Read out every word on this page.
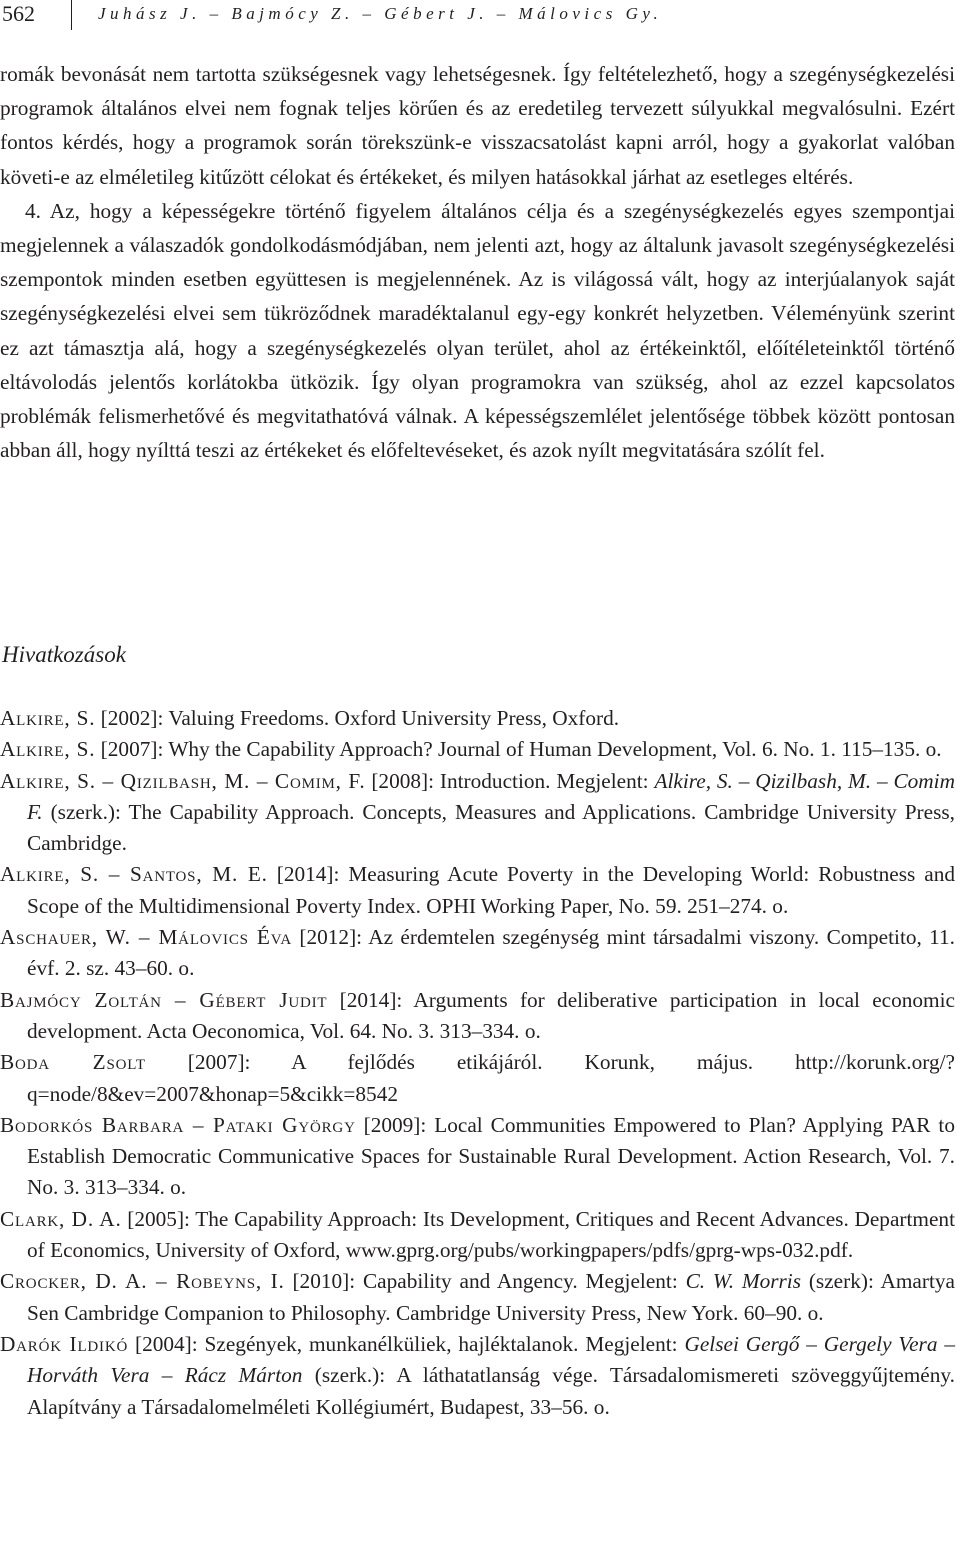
562	Juhász J. – Bajmócy Z. – Gébert J. – Málovics Gy.

romák bevonását nem tartotta szükségesnek vagy lehetségesnek. Így feltételezhető, hogy a szegénységkezelési programok általános elvei nem fognak teljes körűen és az eredetileg tervezett súlyukkal megvalósulni. Ezért fontos kérdés, hogy a programok során törekszünk-e visszacsatolást kapni arról, hogy a gyakorlat valóban követi-e az elméletileg kitűzött célokat és értékeket, és milyen hatásokkal járhat az esetleges eltérés.

4. Az, hogy a képességekre történő figyelem általános célja és a szegénységkezelés egyes szempontjai megjelennek a válaszadók gondolkodásmódjában, nem jelenti azt, hogy az általunk javasolt szegénységkezelési szempontok minden esetben együttesen is megjelennének. Az is világossá vált, hogy az interjúalanyok saját szegénységkezelési elvei sem tükröződnek maradéktalanul egy-egy konkrét helyzetben. Véleményünk szerint ez azt támasztja alá, hogy a szegénységkezelés olyan terület, ahol az értékeinktől, előítéleteinktől történő eltávolodás jelentős korlátokba ütközik. Így olyan programokra van szükség, ahol az ezzel kapcsolatos problémák felismerhetővé és megvitathatóvá válnak. A képességszemlélet jelentősége többek között pontosan abban áll, hogy nyílttá teszi az értékeket és előfeltevéseket, és azok nyílt megvitatására szólít fel.

Hivatkozások
Alkire, S. [2002]: Valuing Freedoms. Oxford University Press, Oxford.
Alkire, S. [2007]: Why the Capability Approach? Journal of Human Development, Vol. 6. No. 1. 115–135. o.
Alkire, S. – Qizilbash, M. – Comim, F. [2008]: Introduction. Megjelent: Alkire, S. – Qizilbash, M. – Comim F. (szerk.): The Capability Approach. Concepts, Measures and Applications. Cambridge University Press, Cambridge.
Alkire, S. – Santos, M. E. [2014]: Measuring Acute Poverty in the Developing World: Robustness and Scope of the Multidimensional Poverty Index. OPHI Working Paper, No. 59. 251–274. o.
Aschauer, W. – Málovics Éva [2012]: Az érdemtelen szegénység mint társadalmi viszony. Competito, 11. évf. 2. sz. 43–60. o.
Bajmócy Zoltán – Gébert Judit [2014]: Arguments for deliberative participation in local economic development. Acta Oeconomica, Vol. 64. No. 3. 313–334. o.
Boda Zsolt [2007]: A fejlődés etikájáról. Korunk, május. http://korunk.org/?q=node/8&ev=2007&honap=5&cikk=8542
Bodorkós Barbara – Pataki György [2009]: Local Communities Empowered to Plan? Applying PAR to Establish Democratic Communicative Spaces for Sustainable Rural Development. Action Research, Vol. 7. No. 3. 313–334. o.
Clark, D. A. [2005]: The Capability Approach: Its Development, Critiques and Recent Advances. Department of Economics, University of Oxford, www.gprg.org/pubs/workingpapers/pdfs/gprg-wps-032.pdf.
Crocker, D. A. – Robeyns, I. [2010]: Capability and Angency. Megjelent: C. W. Morris (szerk): Amartya Sen Cambridge Companion to Philosophy. Cambridge University Press, New York. 60–90. o.
Darók Ildikó [2004]: Szegények, munkanélküliek, hajléktalanok. Megjelent: Gelsei Gergő – Gergely Vera – Horváth Vera – Rácz Márton (szerk.): A láthatatlanság vége. Társadalomismereti szöveggyűjtemény. Alapítvány a Társadalomelméleti Kollégiumért, Budapest, 33–56. o.
